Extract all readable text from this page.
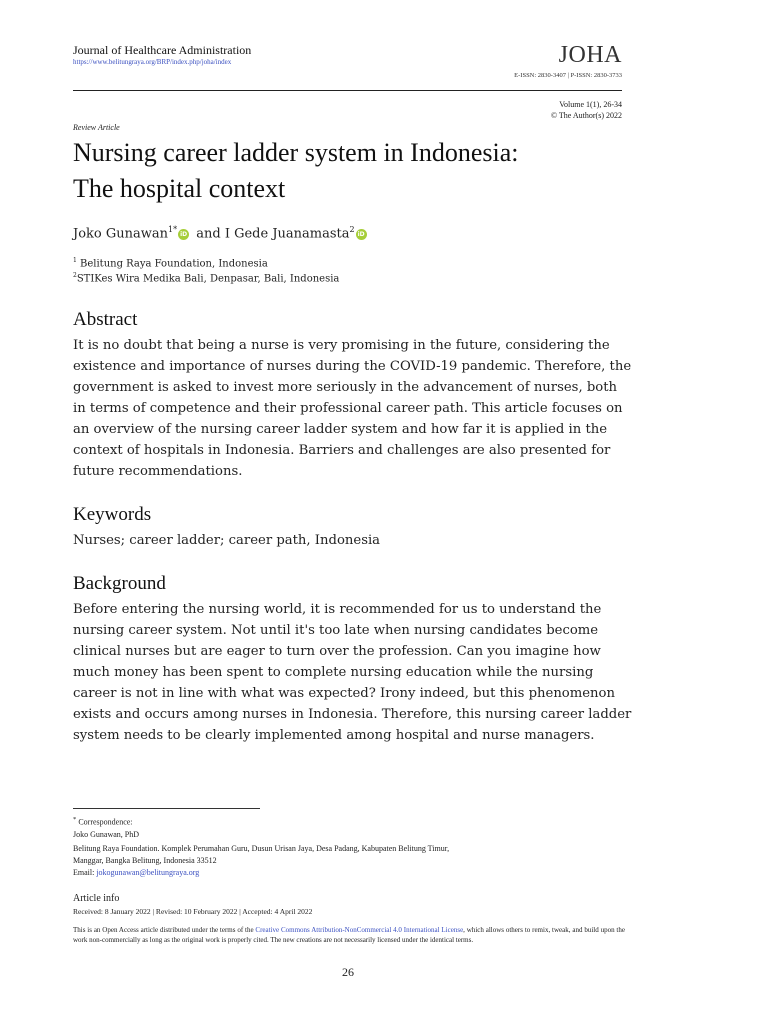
Journal of Healthcare Administration
https://www.belitungraya.org/BRP/index.php/joha/index	JOHA
E-ISSN: 2830-3407 | P-ISSN: 2830-3733
Volume 1(1), 26-34
© The Author(s) 2022
Review Article
Nursing career ladder system in Indonesia:
The hospital context
Joko Gunawan$^{1*}$iD and I Gede Juanamasta$^2$iD
$^1$ Belitung Raya Foundation, Indonesia
$^2$STIKes Wira Medika Bali, Denpasar, Bali, Indonesia
Abstract
It is no doubt that being a nurse is very promising in the future, considering the existence and importance of nurses during the COVID-19 pandemic. Therefore, the government is asked to invest more seriously in the advancement of nurses, both in terms of competence and their professional career path. This article focuses on an overview of the nursing career ladder system and how far it is applied in the context of hospitals in Indonesia. Barriers and challenges are also presented for future recommendations.
Keywords
Nurses; career ladder; career path, Indonesia
Background
Before entering the nursing world, it is recommended for us to understand the nursing career system. Not until it's too late when nursing candidates become clinical nurses but are eager to turn over the profession. Can you imagine how much money has been spent to complete nursing education while the nursing career is not in line with what was expected? Irony indeed, but this phenomenon exists and occurs among nurses in Indonesia. Therefore, this nursing career ladder system needs to be clearly implemented among hospital and nurse managers.
* Correspondence:
Joko Gunawan, PhD
Belitung Raya Foundation. Komplek Perumahan Guru, Dusun Urisan Jaya, Desa Padang, Kabupaten Belitung Timur,
Manggar, Bangka Belitung, Indonesia 33512
Email: jokogunawan@belitungraya.org
Article info
Received: 8 January 2022 | Revised: 10 February 2022 | Accepted: 4 April 2022
This is an Open Access article distributed under the terms of the Creative Commons Attribution-NonCommercial 4.0 International License, which allows others to remix, tweak, and build upon the work non-commercially as long as the original work is properly cited. The new creations are not necessarily licensed under the identical terms.
26
